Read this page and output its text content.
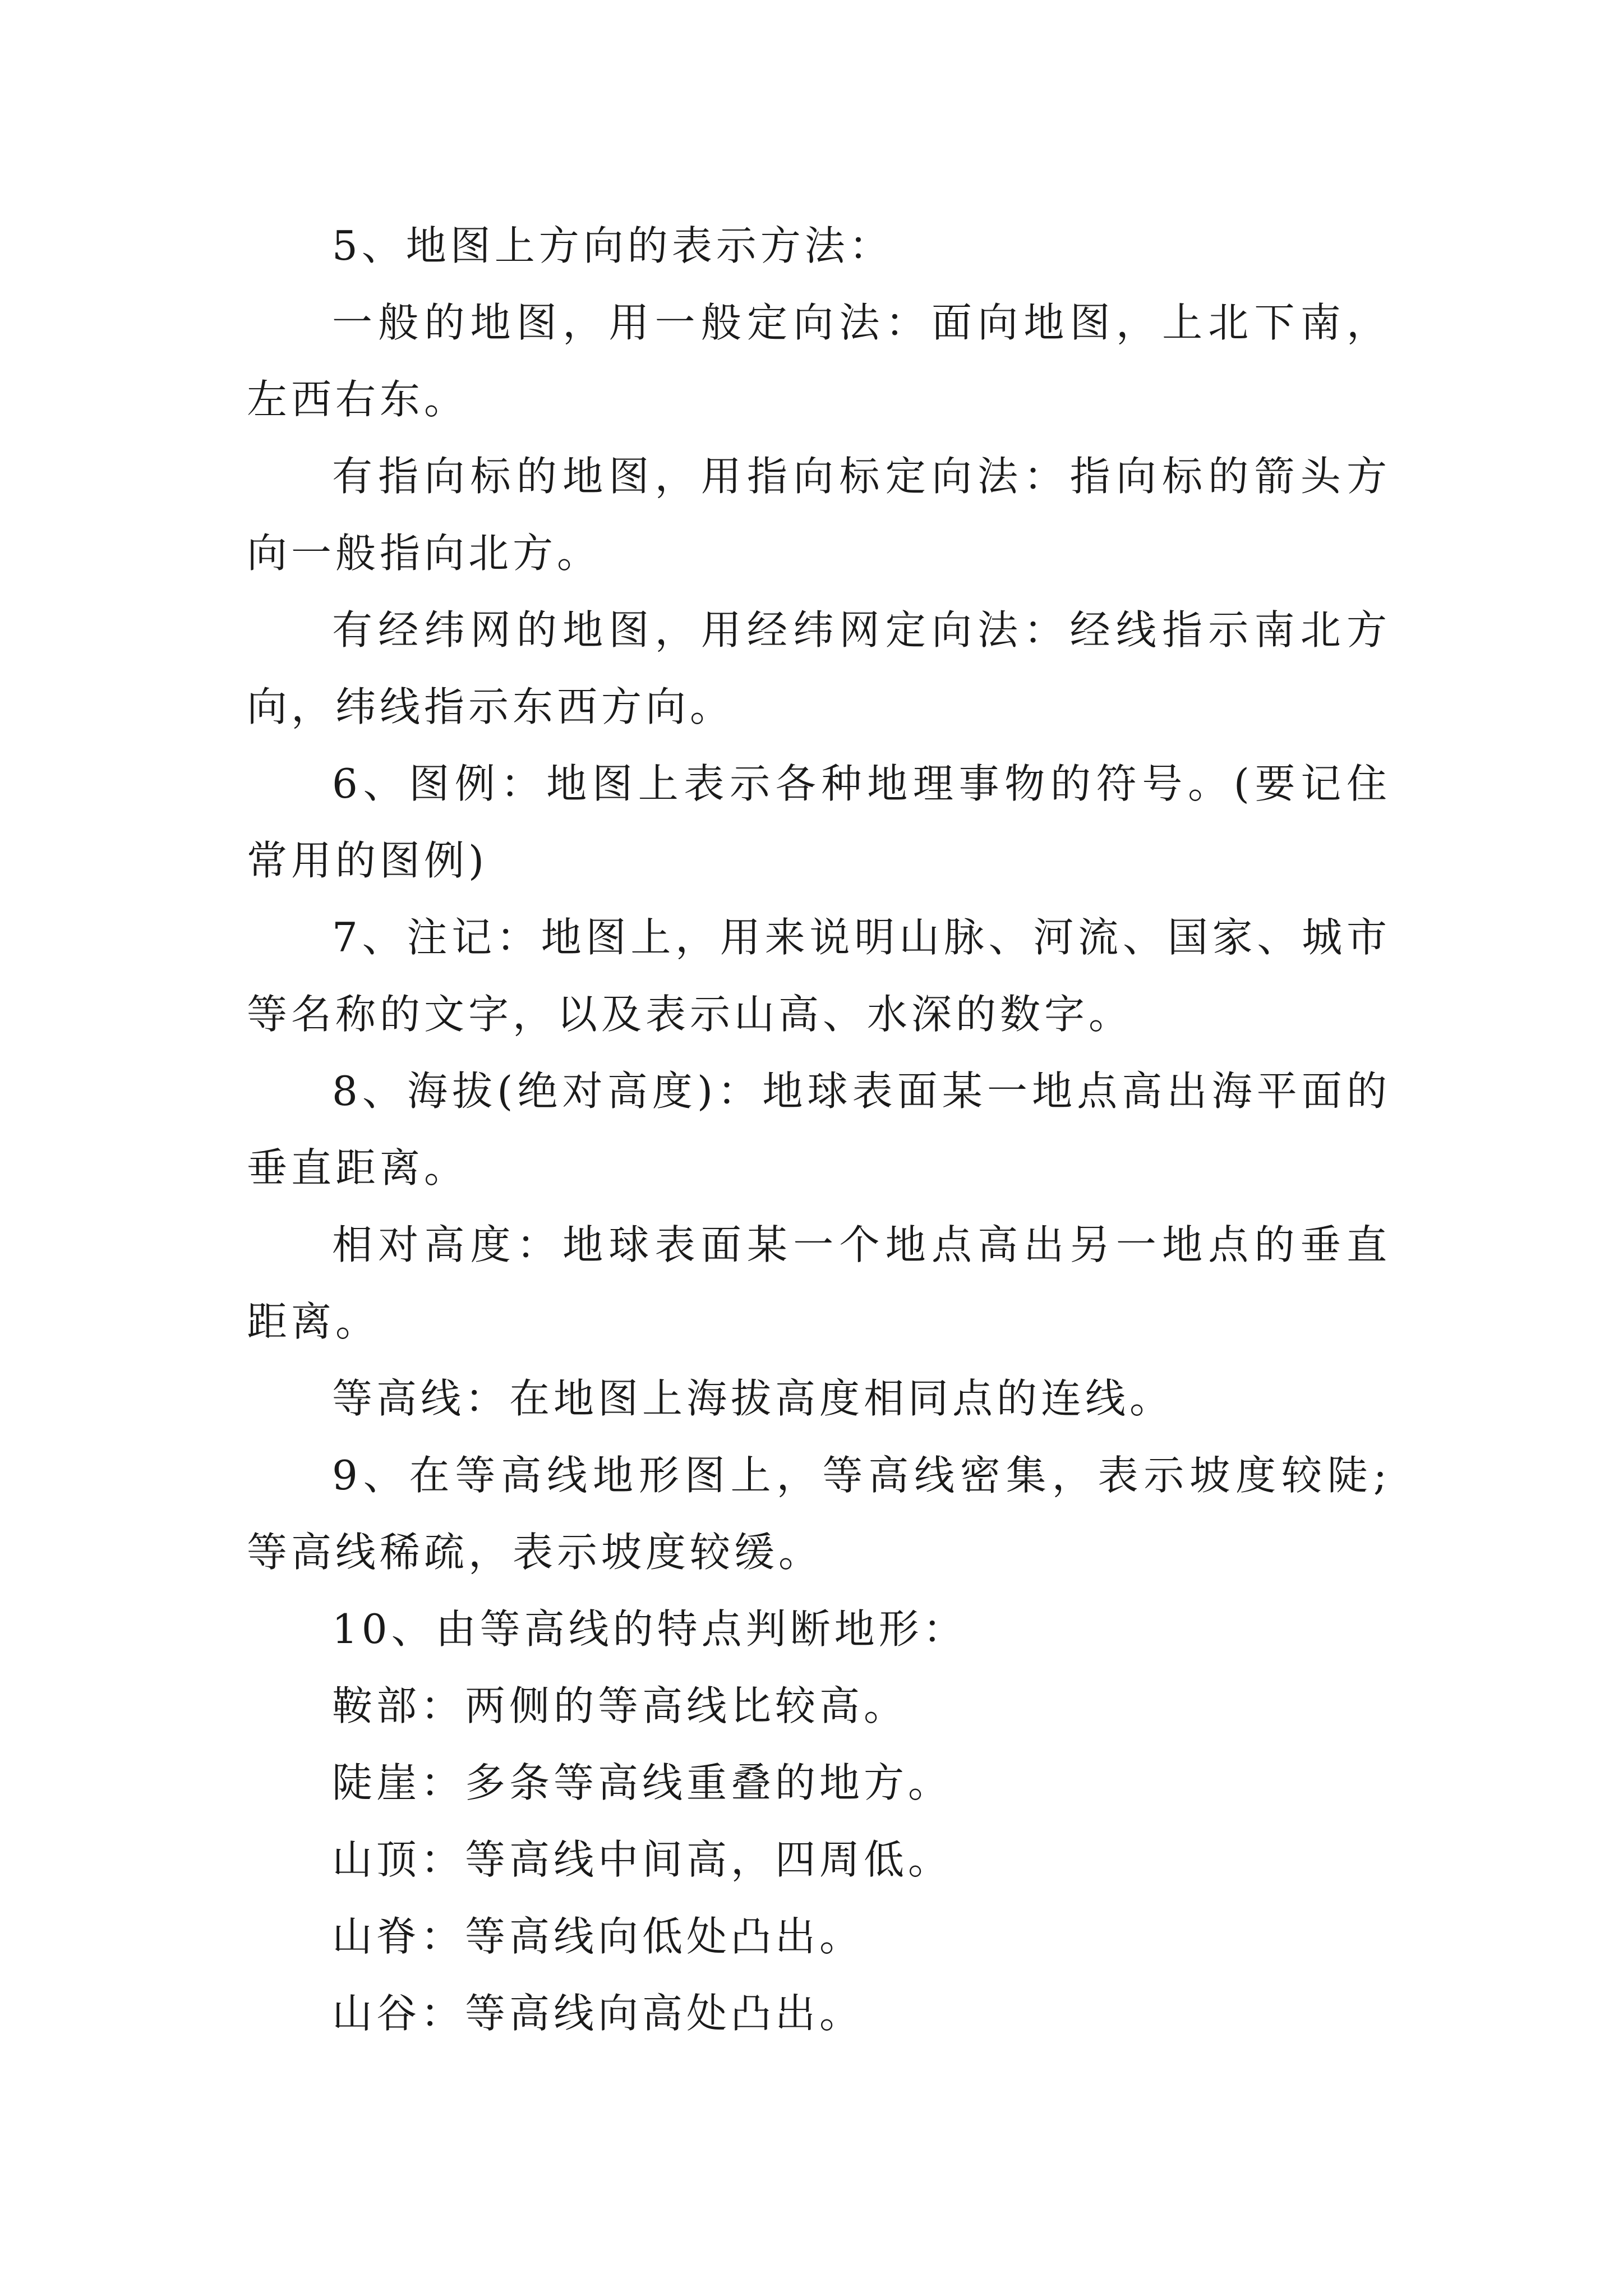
5、地图上方向的表示方法：

一般的地图，用一般定向法：面向地图，上北下南，左西右东。

有指向标的地图，用指向标定向法：指向标的箭头方向一般指向北方。

有经纬网的地图，用经纬网定向法：经线指示南北方向，纬线指示东西方向。

6、图例：地图上表示各种地理事物的符号。(要记住常用的图例)

7、注记：地图上，用来说明山脉、河流、国家、城市等名称的文字，以及表示山高、水深的数字。

8、海拔(绝对高度)：地球表面某一地点高出海平面的垂直距离。

相对高度：地球表面某一个地点高出另一地点的垂直距离。

等高线：在地图上海拔高度相同点的连线。

9、在等高线地形图上，等高线密集，表示坡度较陡;等高线稀疏，表示坡度较缓。

10、由等高线的特点判断地形：

鞍部：两侧的等高线比较高。

陡崖：多条等高线重叠的地方。

山顶：等高线中间高，四周低。

山脊：等高线向低处凸出。

山谷：等高线向高处凸出。
